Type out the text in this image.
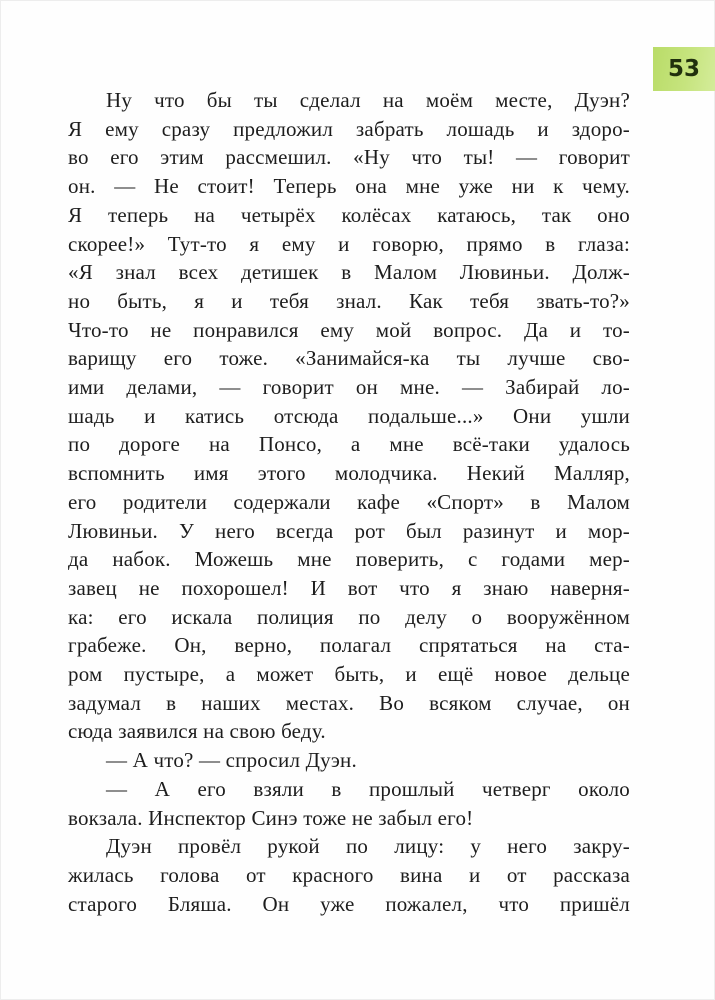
53
Ну что бы ты сделал на моём месте, Дуэн?
Я ему сразу предложил забрать лошадь и здоро-
во его этим рассмешил. «Ну что ты! — говорит
он. — Не стоит! Теперь она мне уже ни к чему.
Я теперь на четырёх колёсах катаюсь, так оно
скорее!» Тут-то я ему и говорю, прямо в глаза:
«Я знал всех детишек в Малом Лювиньи. Долж-
но быть, я и тебя знал. Как тебя звать-то?»
Что-то не понравился ему мой вопрос. Да и то-
варищу его тоже. «Занимайся-ка ты лучше сво-
ими делами, — говорит он мне. — Забирай ло-
шадь и катись отсюда подальше...» Они ушли
по дороге на Понсо, а мне всё-таки удалось
вспомнить имя этого молодчика. Некий Малляр,
его родители содержали кафе «Спорт» в Малом
Лювиньи. У него всегда рот был разинут и мор-
да набок. Можешь мне поверить, с годами мер-
завец не похорошел! И вот что я знаю наверня-
ка: его искала полиция по делу о вооружённом
грабеже. Он, верно, полагал спрятаться на ста-
ром пустыре, а может быть, и ещё новое дельце
задумал в наших местах. Во всяком случае, он
сюда заявился на свою беду.
— А что? — спросил Дуэн.
— А его взяли в прошлый четверг около
вокзала. Инспектор Синэ тоже не забыл его!
Дуэн провёл рукой по лицу: у него закру-
жилась голова от красного вина и от рассказа
старого Бляша. Он уже пожалел, что пришёл
